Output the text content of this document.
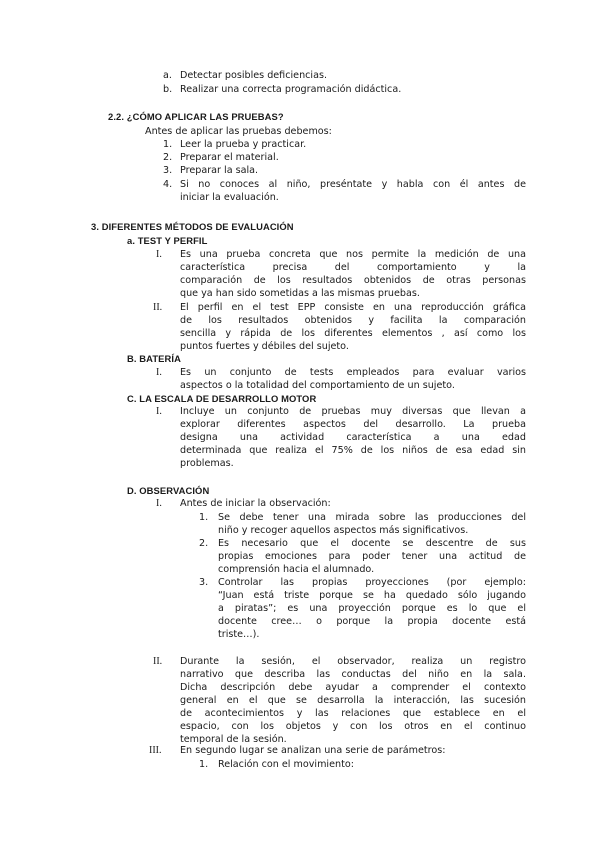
a. Detectar posibles deficiencias.
b. Realizar una correcta programación didáctica.
2.2. ¿CÓMO APLICAR LAS PRUEBAS?
Antes de aplicar las pruebas debemos:
1. Leer la prueba y practicar.
2. Preparar el material.
3. Preparar la sala.
4. Si no conoces al niño, preséntate y habla con él antes de
iniciar la evaluación.
3. DIFERENTES MÉTODOS DE EVALUACIÓN
a. TEST Y PERFIL
I. Es una prueba concreta que nos permite la medición de una
característica precisa del comportamiento y la
comparación de los resultados obtenidos de otras personas
que ya han sido sometidas a las mismas pruebas.
II. El perfil en el test EPP consiste en una reproducción gráfica
de los resultados obtenidos y facilita la comparación
sencilla y rápida de los diferentes elementos , así como los
puntos fuertes y débiles del sujeto.
B. BATERÍA
I. Es un conjunto de tests empleados para evaluar varios
aspectos o la totalidad del comportamiento de un sujeto.
C. LA ESCALA DE DESARROLLO MOTOR
I. Incluye un conjunto de pruebas muy diversas que llevan a
explorar diferentes aspectos del desarrollo. La prueba
designa una actividad característica a una edad
determinada que realiza el 75% de los niños de esa edad sin
problemas.
D. OBSERVACIÓN
I. Antes de iniciar la observación:
1. Se debe tener una mirada sobre las producciones del
niño y recoger aquellos aspectos más significativos.
2. Es necesario que el docente se descentre de sus
propias emociones para poder tener una actitud de
comprensión hacia el alumnado.
3. Controlar las propias proyecciones (por ejemplo:
“Juan está triste porque se ha quedado sólo jugando
a piratas”; es una proyección porque es lo que el
docente cree… o porque la propia docente está
triste…).
II. Durante la sesión, el observador, realiza un registro
narrativo que describa las conductas del niño en la sala.
Dicha descripción debe ayudar a comprender el contexto
general en el que se desarrolla la interacción, las sucesión
de acontecimientos y las relaciones que establece en el
espacio, con los objetos y con los otros en el continuo
temporal de la sesión.
III. En segundo lugar se analizan una serie de parámetros:
1. Relación con el movimiento:
